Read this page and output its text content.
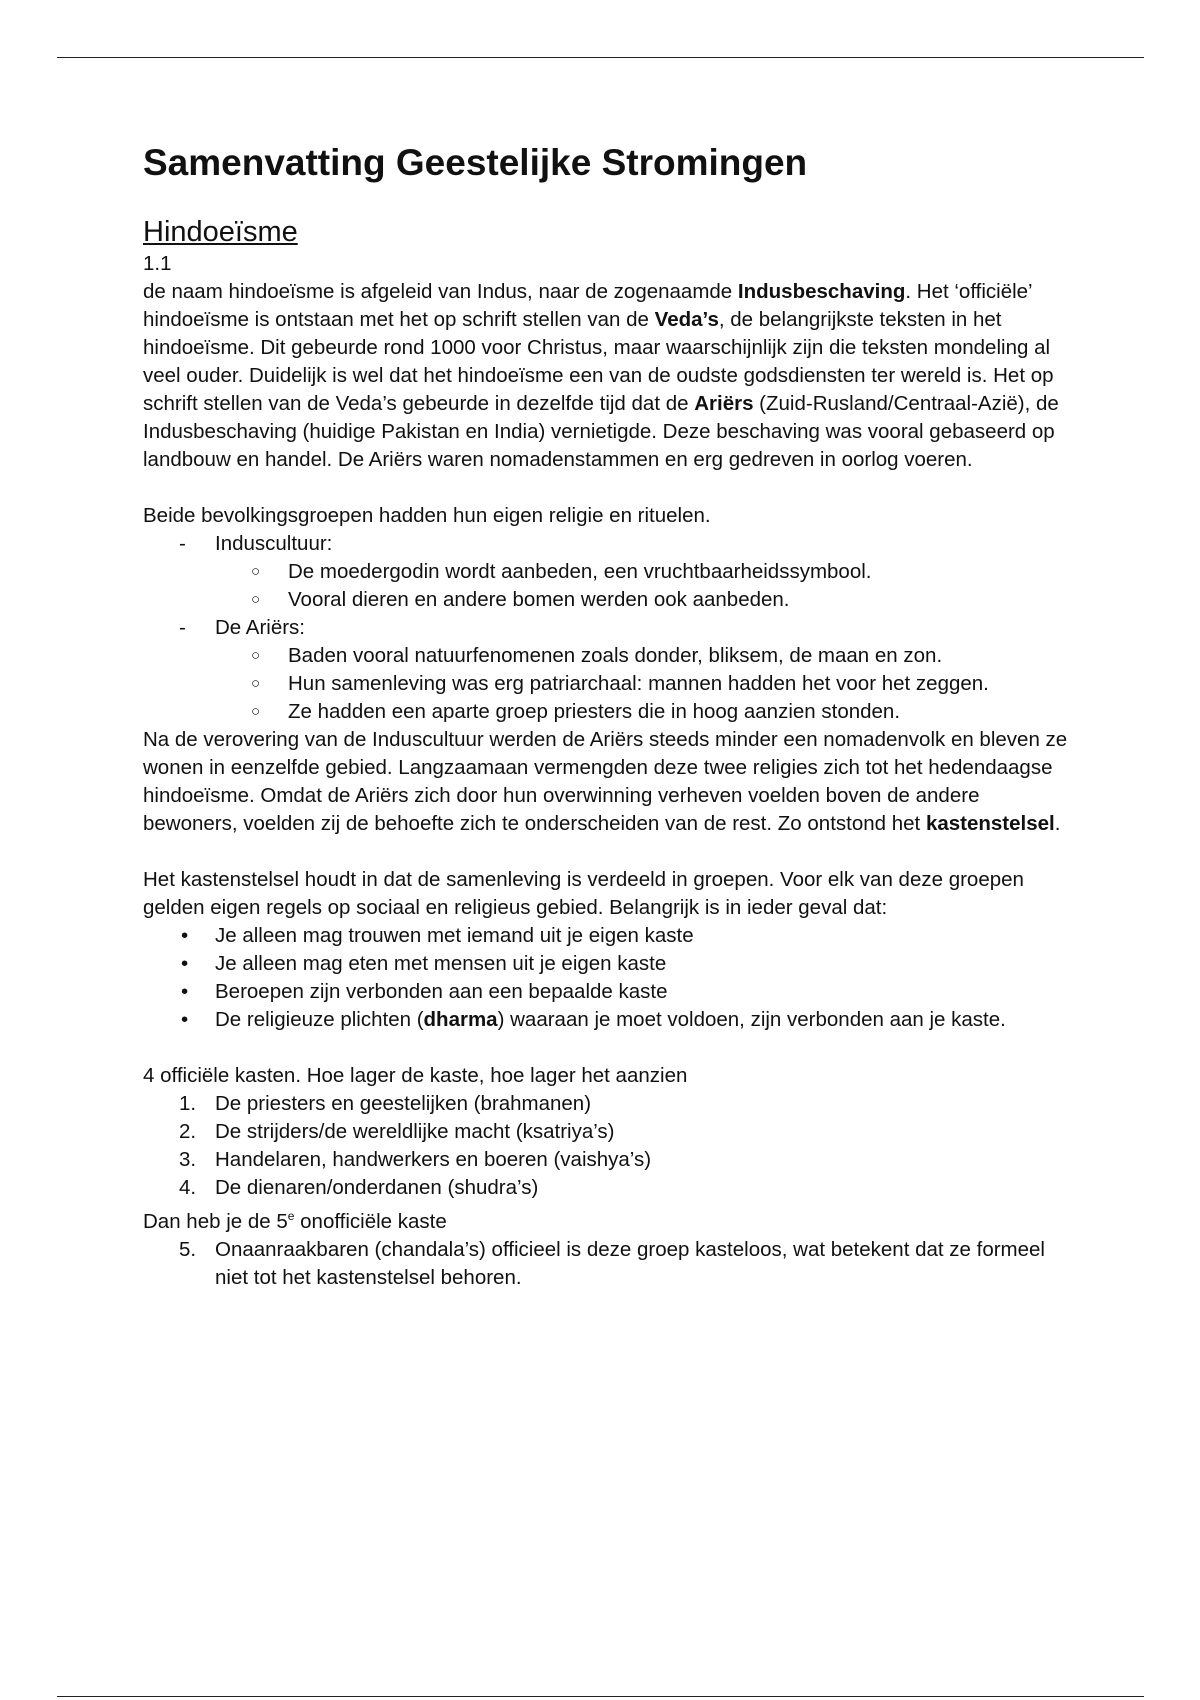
Samenvatting Geestelijke Stromingen
Hindoeïsme

1.1

de naam hindoeïsme is afgeleid van Indus, naar de zogenaamde Indusbeschaving. Het ‘officiële’ hindoeïsme is ontstaan met het op schrift stellen van de Veda’s, de belangrijkste teksten in het hindoeïsme. Dit gebeurde rond 1000 voor Christus, maar waarschijnlijk zijn die teksten mondeling al veel ouder. Duidelijk is wel dat het hindoeïsme een van de oudste godsdiensten ter wereld is. Het op schrift stellen van de Veda’s gebeurde in dezelfde tijd dat de Ariërs (Zuid-Rusland/Centraal-Azië), de Indusbeschaving (huidige Pakistan en India) vernietigde. Deze beschaving was vooral gebaseerd op landbouw en handel. De Ariërs waren nomadenstammen en erg gedreven in oorlog voeren.

Beide bevolkingsgroepen hadden hun eigen religie en rituelen.

-	Induscultuur:
○	De moedergodin wordt aanbeden, een vruchtbaarheidssymbool.
○	Vooral dieren en andere bomen werden ook aanbeden.
-	De Ariërs:
○	Baden vooral natuurfenomenen zoals donder, bliksem, de maan en zon.
○	Hun samenleving was erg patriarchaal: mannen hadden het voor het zeggen.
○	Ze hadden een aparte groep priesters die in hoog aanzien stonden.

Na de verovering van de Induscultuur werden de Ariërs steeds minder een nomadenvolk en bleven ze wonen in eenzelfde gebied. Langzaamaan vermengden deze twee religies zich tot het hedendaagse hindoeïsme. Omdat de Ariërs zich door hun overwinning verheven voelden boven de andere bewoners, voelden zij de behoefte zich te onderscheiden van de rest. Zo ontstond het kastenstelsel.

Het kastenstelsel houdt in dat de samenleving is verdeeld in groepen. Voor elk van deze groepen gelden eigen regels op sociaal en religieus gebied. Belangrijk is in ieder geval dat:

•	Je alleen mag trouwen met iemand uit je eigen kaste
•	Je alleen mag eten met mensen uit je eigen kaste
•	Beroepen zijn verbonden aan een bepaalde kaste
•	De religieuze plichten (dharma) waaraan je moet voldoen, zijn verbonden aan je kaste.

4 officiële kasten. Hoe lager de kaste, hoe lager het aanzien

1. De priesters en geestelijken (brahmanen)
2. De strijders/de wereldlijke macht (ksatriya’s)
3. Handelaren, handwerkers en boeren (vaishya’s)
4. De dienaren/onderdanen (shudra’s)

Dan heb je de 5e onofficiële kaste

5. Onaanraakbaren (chandala’s) officieel is deze groep kasteloos, wat betekent dat ze formeel niet tot het kastenstelsel behoren.
